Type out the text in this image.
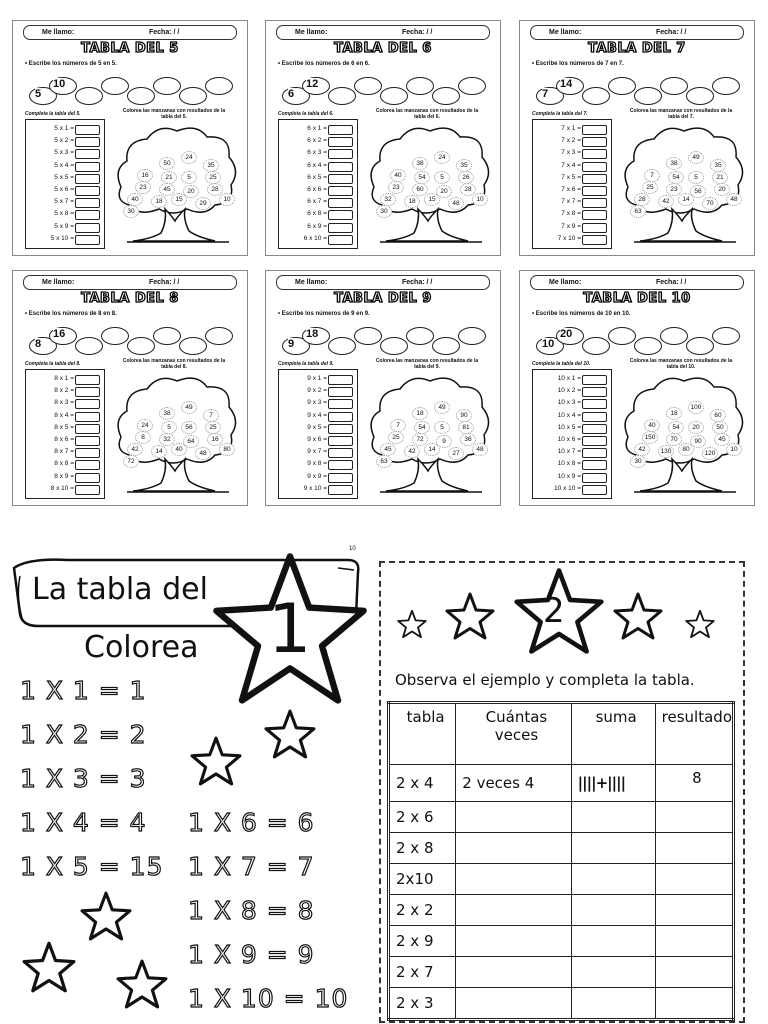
Me llamo:	Fecha: / /
TABLA DEL 5
• Escribe los números de 5 en 5.
5
10
Completa la tabla del 5.	Colorea las manzanas con resultados de la tabla del 5.
5 x 1 =
5 x 2 =
5 x 3 =
5 x 4 =
5 x 5 =
5 x 6 =
5 x 7 =
5 x 8 =
5 x 9 =
5 x 10 =
50
24
35
16	21	5	25
23	45	20	28
40	18	15
29
10
30
Me llamo:	Fecha: / /
TABLA DEL 6
• Escribe los números de 6 en 6.
6
12
Completa la tabla del 6.	Colorea las manzanas con resultados de la tabla del 6.
6 x 1 =
6 x 2 =
6 x 3 =
6 x 4 =
6 x 5 =
6 x 6 =
6 x 7 =
6 x 8 =
6 x 9 =
6 x 10 =
38
24
35
40	54	5	26
23	60	20	28
32	18	15
48
10
30
Me llamo:	Fecha: / /
TABLA DEL 7
• Escribe los números de 7 en 7.
7
14
Completa la tabla del 7.	Colorea las manzanas con resultados de la tabla del 7.
7 x 1 =
7 x 2 =
7 x 3 =
7 x 4 =
7 x 5 =
7 x 6 =
7 x 7 =
7 x 8 =
7 x 9 =
7 x 10 =
38
49
35
7	54	5	21
25	23	56	20
28	42	14
70
48
63
Me llamo:	Fecha: / /
TABLA DEL 8
• Escribe los números de 8 en 8.
8
16
Completa la tabla del 8.	Colorea las manzanas con resultados de la tabla del 8.
8 x 1 =
8 x 2 =
8 x 3 =
8 x 4 =
8 x 5 =
8 x 6 =
8 x 7 =
8 x 8 =
8 x 9 =
8 x 10 =
38
49
7
24	5	56	25
8	32	64	16
42	14	40
48
80
72
Me llamo:	Fecha: / /
TABLA DEL 9
• Escribe los números de 9 en 9.
9
18
Completa la tabla del 9.	Colorea las manzanas con resultados de la tabla del 9.
9 x 1 =
9 x 2 =
9 x 3 =
9 x 4 =
9 x 5 =
9 x 6 =
9 x 7 =
9 x 8 =
9 x 9 =
9 x 10 =
18
49
90
7	54	5	81
25	72	9	36
45	42	14
27
48
63
Me llamo:	Fecha: / /
TABLA DEL 10
• Escribe los números de 10 en 10.
10
20
Completa la tabla del 10.	Colorea las manzanas con resultados de la tabla del 10.
10 x 1 =
10 x 2 =
10 x 3 =
10 x 4 =
10 x 5 =
10 x 6 =
10 x 7 =
10 x 8 =
10 x 9 =
10 x 10 =
18
100
60
40	54	20	50
150	70	90	45
42	130	80
120
10
30
10
La tabla del
Colorea 1
1 X 1 = 1
1 X 2 = 2
1 X 3 = 3
1 X 4 = 4
1 X 5 = 15
1 X 6 = 6
1 X 7 = 7
1 X 8 = 8
1 X 9 = 9
1 X 10 = 10
2
Observa el ejemplo y completa la tabla.
tabla	Cuántas veces	suma	resultado
2 x 4	2 veces 4	||||+||||	8
2 x 6			
2 x 8			
2x10			
2 x 2			
2 x 9			
2 x 7			
2 x 3			
